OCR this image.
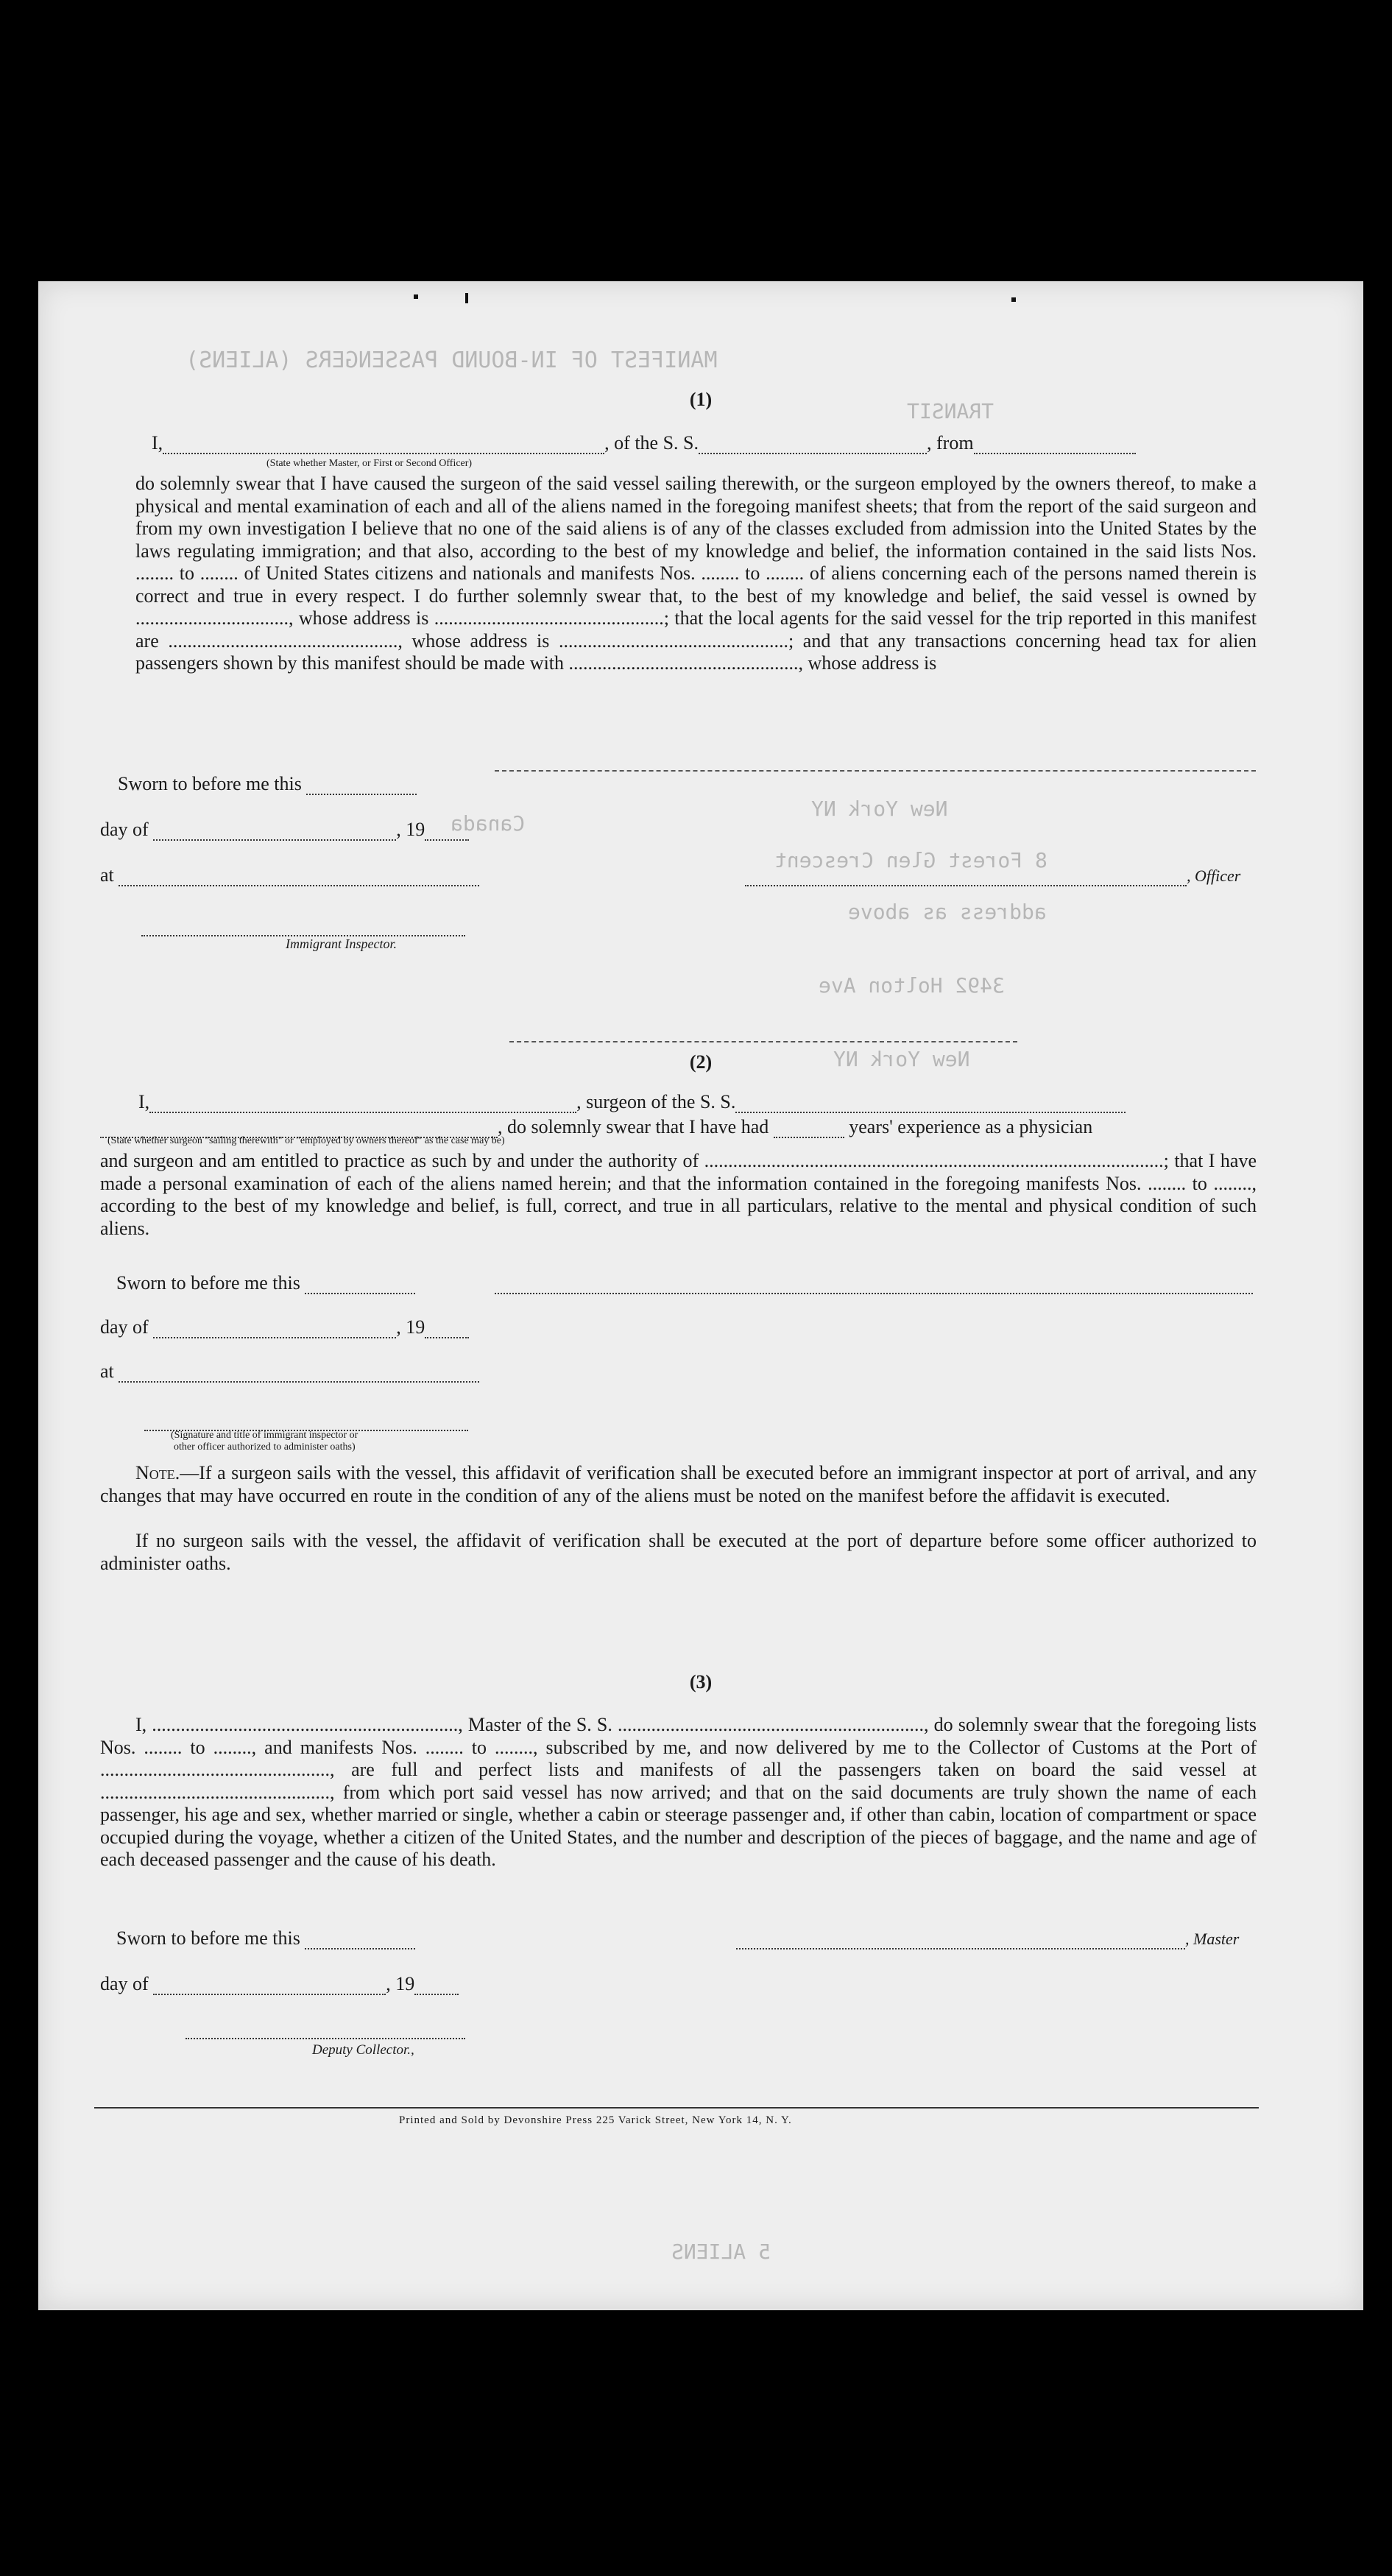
MANIFEST OF IN-BOUND PASSENGERS (ALIENS)
TRANSIT
Canada
New York NY
8 Forest Glen Crescent
address as above
3492 Holton Ave
New York NY
5 ALIENS
(1)
I,	, of the S. S.	, from
(State whether Master, or First or Second Officer)
do solemnly swear that I have caused the surgeon of the said vessel sailing therewith, or the surgeon employed by the owners thereof, to make a physical and mental examination of each and all of the aliens named in the foregoing manifest sheets; that from the report of the said surgeon and from my own investigation I believe that no one of the said aliens is of any of the classes excluded from admission into the United States by the laws regulating immigration; and that also, according to the best of my knowledge and belief, the information contained in the said lists Nos. ........ to ........ of United States citizens and nationals and manifests Nos. ........ to ........ of aliens concerning each of the persons named therein is correct and true in every respect. I do further solemnly swear that, to the best of my knowledge and belief, the said vessel is owned by ................................, whose address is ................................................; that the local agents for the said vessel for the trip reported in this manifest are ................................................, whose address is ................................................; and that any transactions concerning head tax for alien passengers shown by this manifest should be made with ................................................, whose address is
Sworn to before me this
day of	, 19
at	, Officer
Immigrant Inspector.
(2)
I,	, surgeon of the S. S.
, do solemnly swear that I have had	years' experience as a physician
(State whether surgeon "sailing therewith" or "employed by owners thereof" as the case may be)
and surgeon and am entitled to practice as such by and under the authority of ................................................................................................; that I have made a personal examination of each of the aliens named herein; and that the information contained in the foregoing manifests Nos. ........ to ........, according to the best of my knowledge and belief, is full, correct, and true in all particulars, relative to the mental and physical condition of such aliens.
Sworn to before me this
day of	, 19
at
(Signature and title of immigrant inspector or
other officer authorized to administer oaths)
Note.—If a surgeon sails with the vessel, this affidavit of verification shall be executed before an immigrant inspector at port of arrival, and any changes that may have occurred en route in the condition of any of the aliens must be noted on the manifest before the affidavit is executed.
If no surgeon sails with the vessel, the affidavit of verification shall be executed at the port of departure before some officer authorized to administer oaths.
(3)
I, ................................................................, Master of the S. S. ................................................................, do solemnly swear that the foregoing lists Nos. ........ to ........, and manifests Nos. ........ to ........, subscribed by me, and now delivered by me to the Collector of Customs at the Port of ................................................, are full and perfect lists and manifests of all the passengers taken on board the said vessel at ................................................, from which port said vessel has now arrived; and that on the said documents are truly shown the name of each passenger, his age and sex, whether married or single, whether a cabin or steerage passenger and, if other than cabin, location of compartment or space occupied during the voyage, whether a citizen of the United States, and the number and description of the pieces of baggage, and the name and age of each deceased passenger and the cause of his death.
Sworn to before me this	, Master
day of	, 19
Deputy Collector.,
Printed and Sold by Devonshire Press 225 Varick Street, New York 14, N. Y.
